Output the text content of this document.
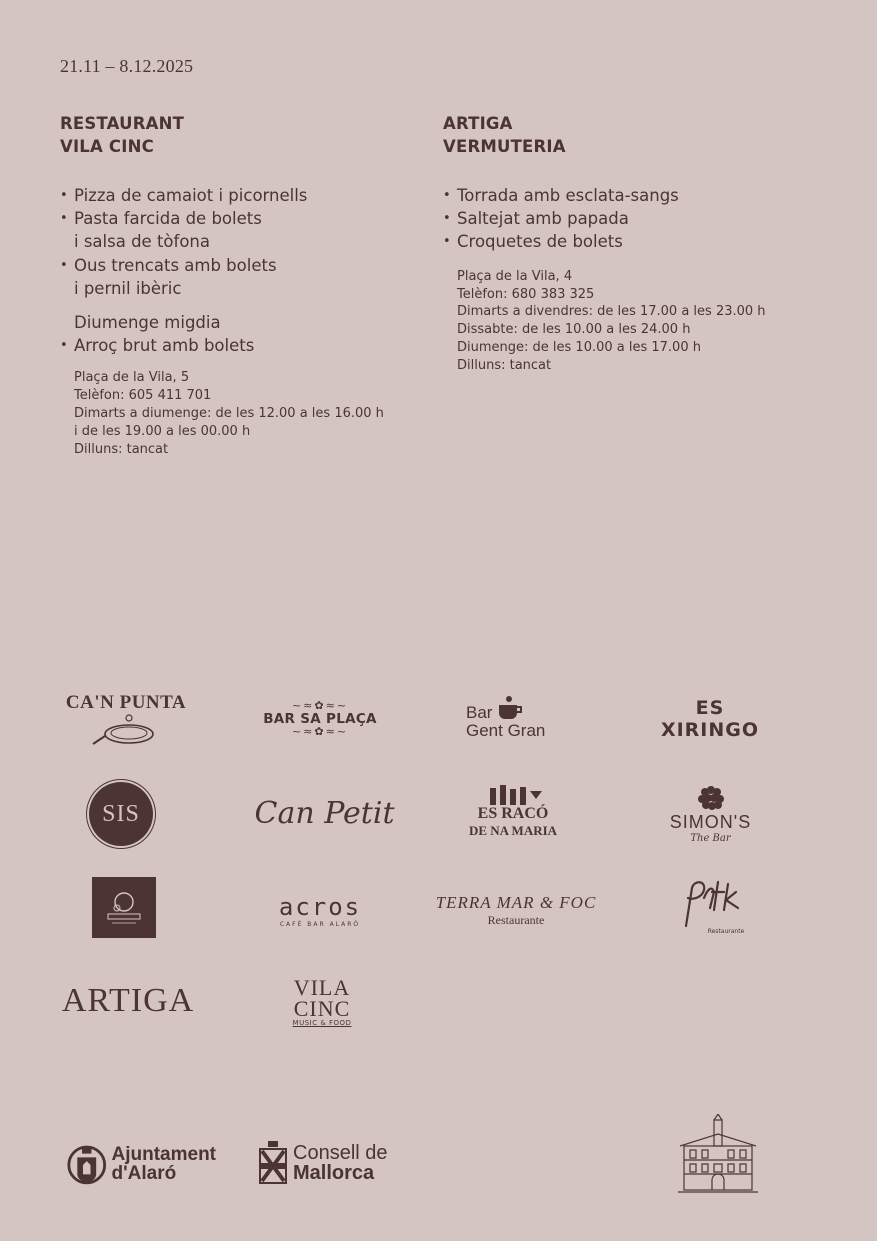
21.11 – 8.12.2025
RESTAURANT
VILA CINC
• Pizza de camaiot i picornells
• Pasta farcida de bolets
i salsa de tòfona
• Ous trencats amb bolets
i pernil ibèric
Diumenge migdia
• Arroç brut amb bolets
Plaça de la Vila, 5
Telèfon: 605 411 701
Dimarts a diumenge: de les 12.00 a les 16.00 h
i de les 19.00 a les 00.00 h
Dilluns: tancat
ARTIGA
VERMUTERIA
• Torrada amb esclata-sangs
• Saltejat amb papada
• Croquetes de bolets
Plaça de la Vila, 4
Telèfon: 680 383 325
Dimarts a divendres: de les 17.00 a les 23.00 h
Dissabte: de les 10.00 a les 24.00 h
Diumenge: de les 10.00 a les 17.00 h
Dilluns: tancat
CA'N PUNTA	~≈✿≈~
BAR SA PLAÇA
~≈✿≈~
Bar
Gent Gran
ES
XIRINGO
SIS	Can Petit	ES RACÓ
DE NA MARIA	SIMON'S
The Bar
acros
CAFÈ BAR ALARÓ
TERRA MAR & FOC
Restaurante
Restaurante
ARTIGA	VILA
CINC
MUSIC & FOOD
Ajuntament
d'Alaró
Consell de
Mallorca
